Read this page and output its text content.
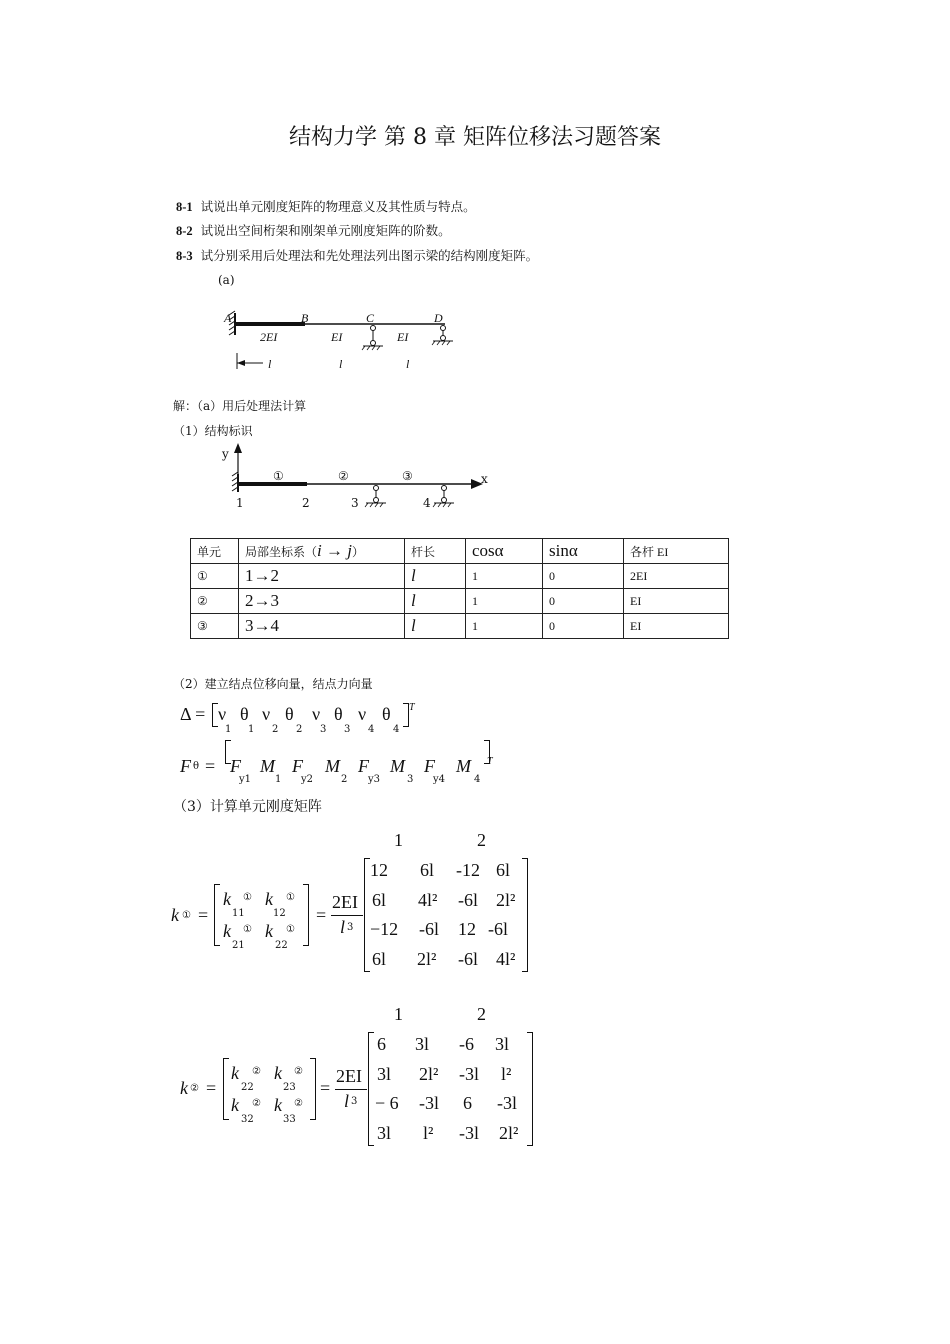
结构力学 第 8 章 矩阵位移法习题答案
8-1 试说出单元刚度矩阵的物理意义及其性质与特点。
8-2 试说出空间桁架和刚架单元刚度矩阵的阶数。
8-3 试分别采用后处理法和先处理法列出图示梁的结构刚度矩阵。
(a)
A	B	C	D
2EI	EI	EI
l	l	l
解：（a）用后处理法计算
（1）结构标识
y
x
①	②	③
1	2	3	4
单元	局部坐标系（i → j）	杆长	cosα	sinα	各杆 EI
①	1→2	l	1	0	2EI
②	2→3	l	1	0	EI
③	3→4	l	1	0	EI
（2）建立结点位移向量，结点力向量
Δ = ν θ ν θ ν θ ν θ
1 1 2 2 3 3 4 4
T
F θ = F M F M F M F M
y1 1 y2	2 y3	3 y4	4
T
（3）计算单元刚度矩阵
1	2
k ① =
k ①
11
k ①
12
k ①
21
k ①
22
=
2EI
l 3
12 6l -12 6l
6l 4l² -6l 2l²
−12 -6l 12 -6l
6l 2l² -6l 4l²
1	2
k ② =
k ②
22
k ②
23
k ②
32
k ②
33
=
2EI
l 3
6 3l -6 3l
3l 2l² -3l l²
− 6 -3l 6 -3l
3l l² -3l 2l²
